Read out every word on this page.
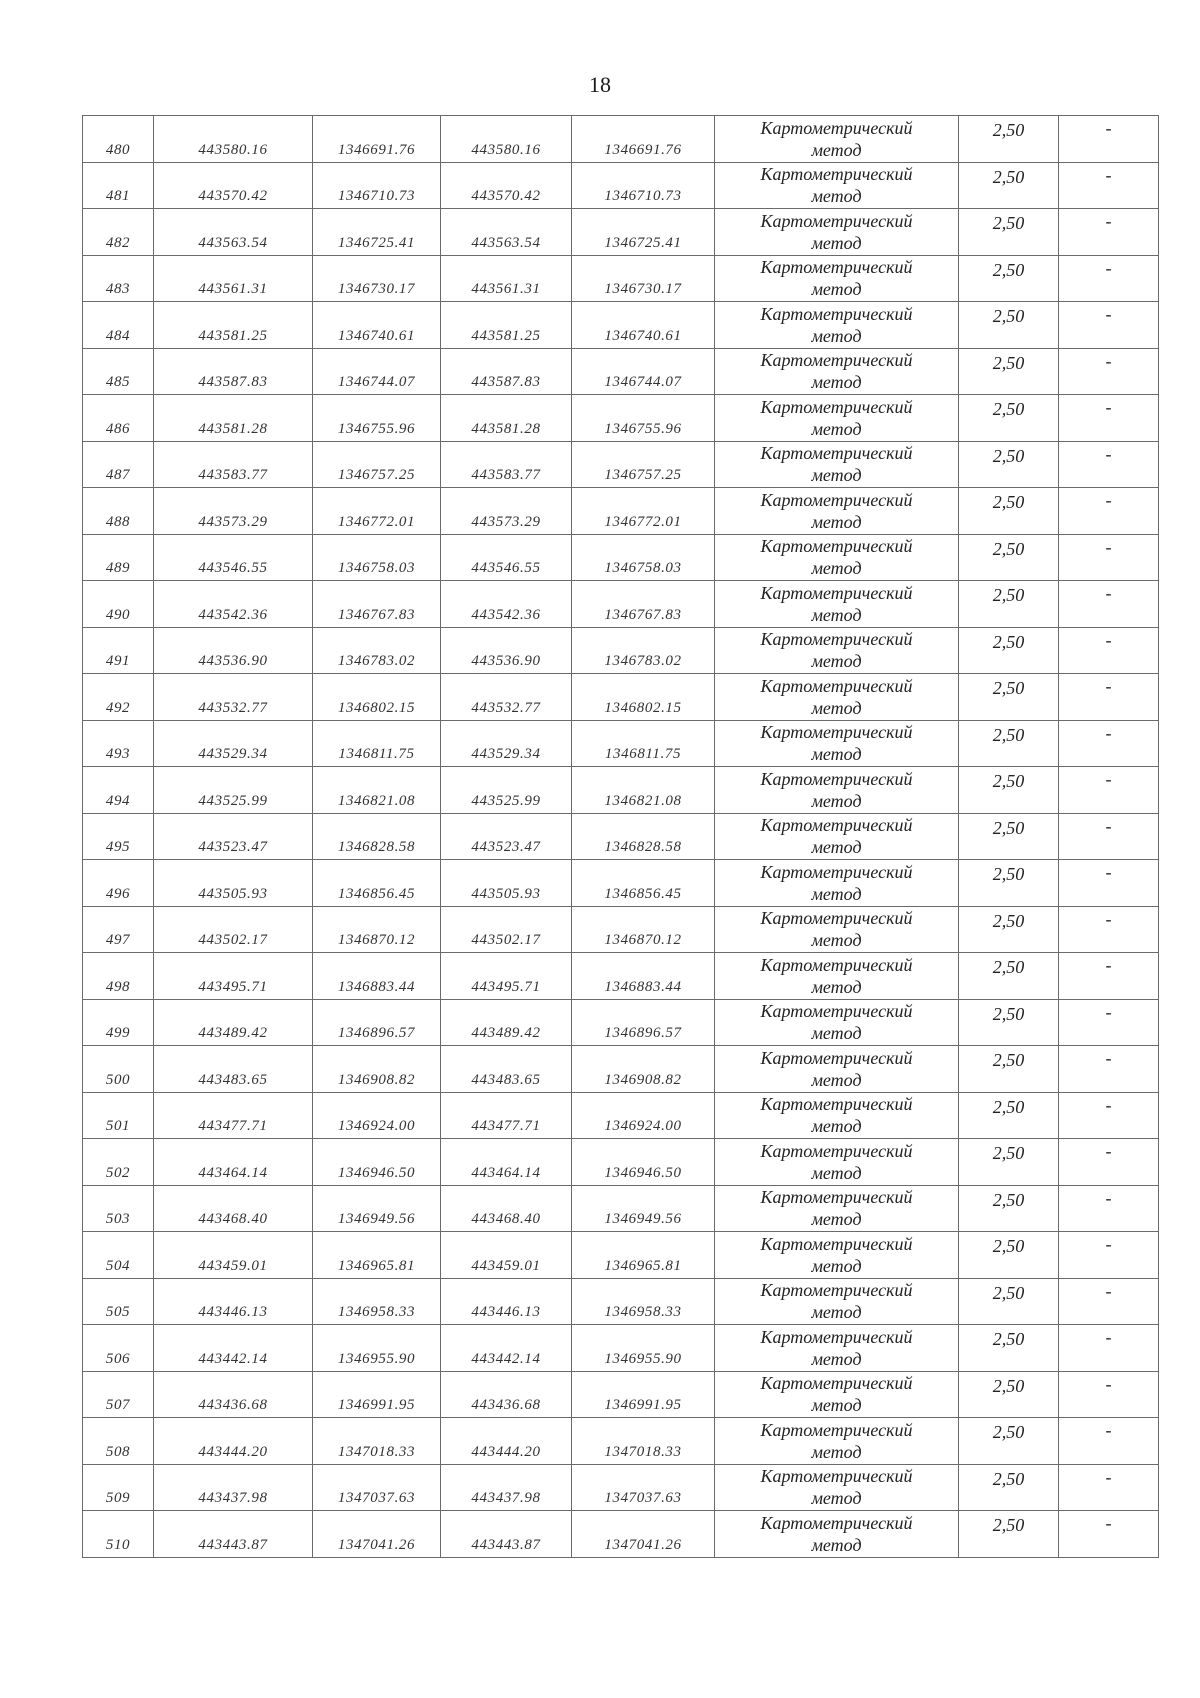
18
480	443580.16	1346691.76	443580.16	1346691.76	Картометрический
метод	2,50	-
481	443570.42	1346710.73	443570.42	1346710.73	Картометрический
метод	2,50	-
482	443563.54	1346725.41	443563.54	1346725.41	Картометрический
метод	2,50	-
483	443561.31	1346730.17	443561.31	1346730.17	Картометрический
метод	2,50	-
484	443581.25	1346740.61	443581.25	1346740.61	Картометрический
метод	2,50	-
485	443587.83	1346744.07	443587.83	1346744.07	Картометрический
метод	2,50	-
486	443581.28	1346755.96	443581.28	1346755.96	Картометрический
метод	2,50	-
487	443583.77	1346757.25	443583.77	1346757.25	Картометрический
метод	2,50	-
488	443573.29	1346772.01	443573.29	1346772.01	Картометрический
метод	2,50	-
489	443546.55	1346758.03	443546.55	1346758.03	Картометрический
метод	2,50	-
490	443542.36	1346767.83	443542.36	1346767.83	Картометрический
метод	2,50	-
491	443536.90	1346783.02	443536.90	1346783.02	Картометрический
метод	2,50	-
492	443532.77	1346802.15	443532.77	1346802.15	Картометрический
метод	2,50	-
493	443529.34	1346811.75	443529.34	1346811.75	Картометрический
метод	2,50	-
494	443525.99	1346821.08	443525.99	1346821.08	Картометрический
метод	2,50	-
495	443523.47	1346828.58	443523.47	1346828.58	Картометрический
метод	2,50	-
496	443505.93	1346856.45	443505.93	1346856.45	Картометрический
метод	2,50	-
497	443502.17	1346870.12	443502.17	1346870.12	Картометрический
метод	2,50	-
498	443495.71	1346883.44	443495.71	1346883.44	Картометрический
метод	2,50	-
499	443489.42	1346896.57	443489.42	1346896.57	Картометрический
метод	2,50	-
500	443483.65	1346908.82	443483.65	1346908.82	Картометрический
метод	2,50	-
501	443477.71	1346924.00	443477.71	1346924.00	Картометрический
метод	2,50	-
502	443464.14	1346946.50	443464.14	1346946.50	Картометрический
метод	2,50	-
503	443468.40	1346949.56	443468.40	1346949.56	Картометрический
метод	2,50	-
504	443459.01	1346965.81	443459.01	1346965.81	Картометрический
метод	2,50	-
505	443446.13	1346958.33	443446.13	1346958.33	Картометрический
метод	2,50	-
506	443442.14	1346955.90	443442.14	1346955.90	Картометрический
метод	2,50	-
507	443436.68	1346991.95	443436.68	1346991.95	Картометрический
метод	2,50	-
508	443444.20	1347018.33	443444.20	1347018.33	Картометрический
метод	2,50	-
509	443437.98	1347037.63	443437.98	1347037.63	Картометрический
метод	2,50	-
510	443443.87	1347041.26	443443.87	1347041.26	Картометрический
метод	2,50	-
